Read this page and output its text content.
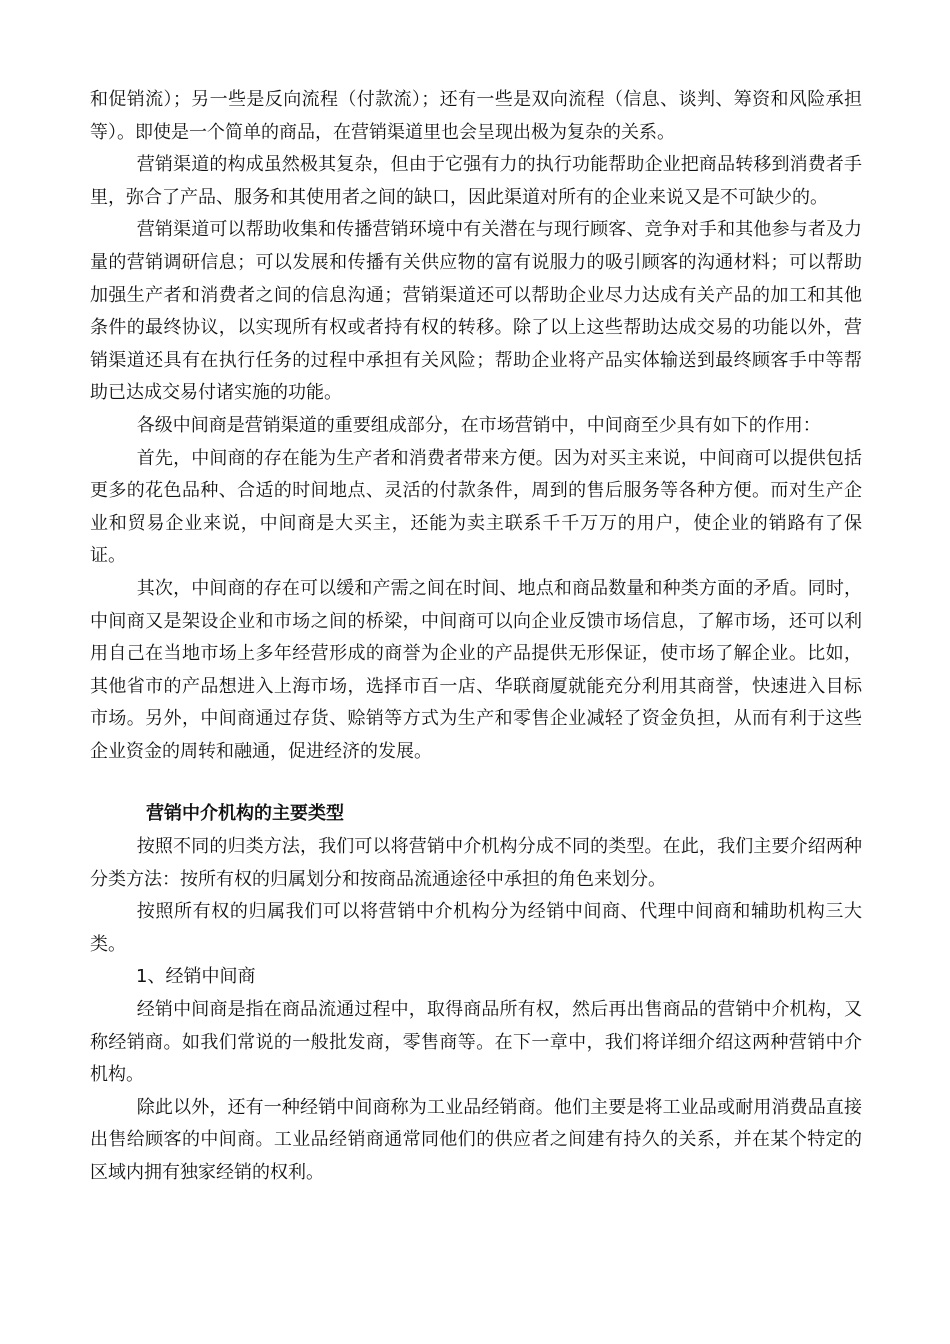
和促销流）；另一些是反向流程（付款流）；还有一些是双向流程（信息、谈判、筹资和风险承担等）。即使是一个简单的商品，在营销渠道里也会呈现出极为复杂的关系。

营销渠道的构成虽然极其复杂，但由于它强有力的执行功能帮助企业把商品转移到消费者手里，弥合了产品、服务和其使用者之间的缺口，因此渠道对所有的企业来说又是不可缺少的。

营销渠道可以帮助收集和传播营销环境中有关潜在与现行顾客、竞争对手和其他参与者及力量的营销调研信息；可以发展和传播有关供应物的富有说服力的吸引顾客的沟通材料；可以帮助加强生产者和消费者之间的信息沟通；营销渠道还可以帮助企业尽力达成有关产品的加工和其他条件的最终协议，以实现所有权或者持有权的转移。除了以上这些帮助达成交易的功能以外，营销渠道还具有在执行任务的过程中承担有关风险；帮助企业将产品实体输送到最终顾客手中等帮助已达成交易付诸实施的功能。

各级中间商是营销渠道的重要组成部分，在市场营销中，中间商至少具有如下的作用：

首先，中间商的存在能为生产者和消费者带来方便。因为对买主来说，中间商可以提供包括更多的花色品种、合适的时间地点、灵活的付款条件，周到的售后服务等各种方便。而对生产企业和贸易企业来说，中间商是大买主，还能为卖主联系千千万万的用户，使企业的销路有了保证。

其次，中间商的存在可以缓和产需之间在时间、地点和商品数量和种类方面的矛盾。同时，中间商又是架设企业和市场之间的桥梁，中间商可以向企业反馈市场信息，了解市场，还可以利用自己在当地市场上多年经营形成的商誉为企业的产品提供无形保证，使市场了解企业。比如，其他省市的产品想进入上海市场，选择市百一店、华联商厦就能充分利用其商誉，快速进入目标市场。另外，中间商通过存货、赊销等方式为生产和零售企业减轻了资金负担，从而有利于这些企业资金的周转和融通，促进经济的发展。

营销中介机构的主要类型

按照不同的归类方法，我们可以将营销中介机构分成不同的类型。在此，我们主要介绍两种分类方法：按所有权的归属划分和按商品流通途径中承担的角色来划分。

按照所有权的归属我们可以将营销中介机构分为经销中间商、代理中间商和辅助机构三大类。

1、经销中间商

经销中间商是指在商品流通过程中，取得商品所有权，然后再出售商品的营销中介机构，又称经销商。如我们常说的一般批发商，零售商等。在下一章中，我们将详细介绍这两种营销中介机构。

除此以外，还有一种经销中间商称为工业品经销商。他们主要是将工业品或耐用消费品直接出售给顾客的中间商。工业品经销商通常同他们的供应者之间建有持久的关系，并在某个特定的区域内拥有独家经销的权利。
